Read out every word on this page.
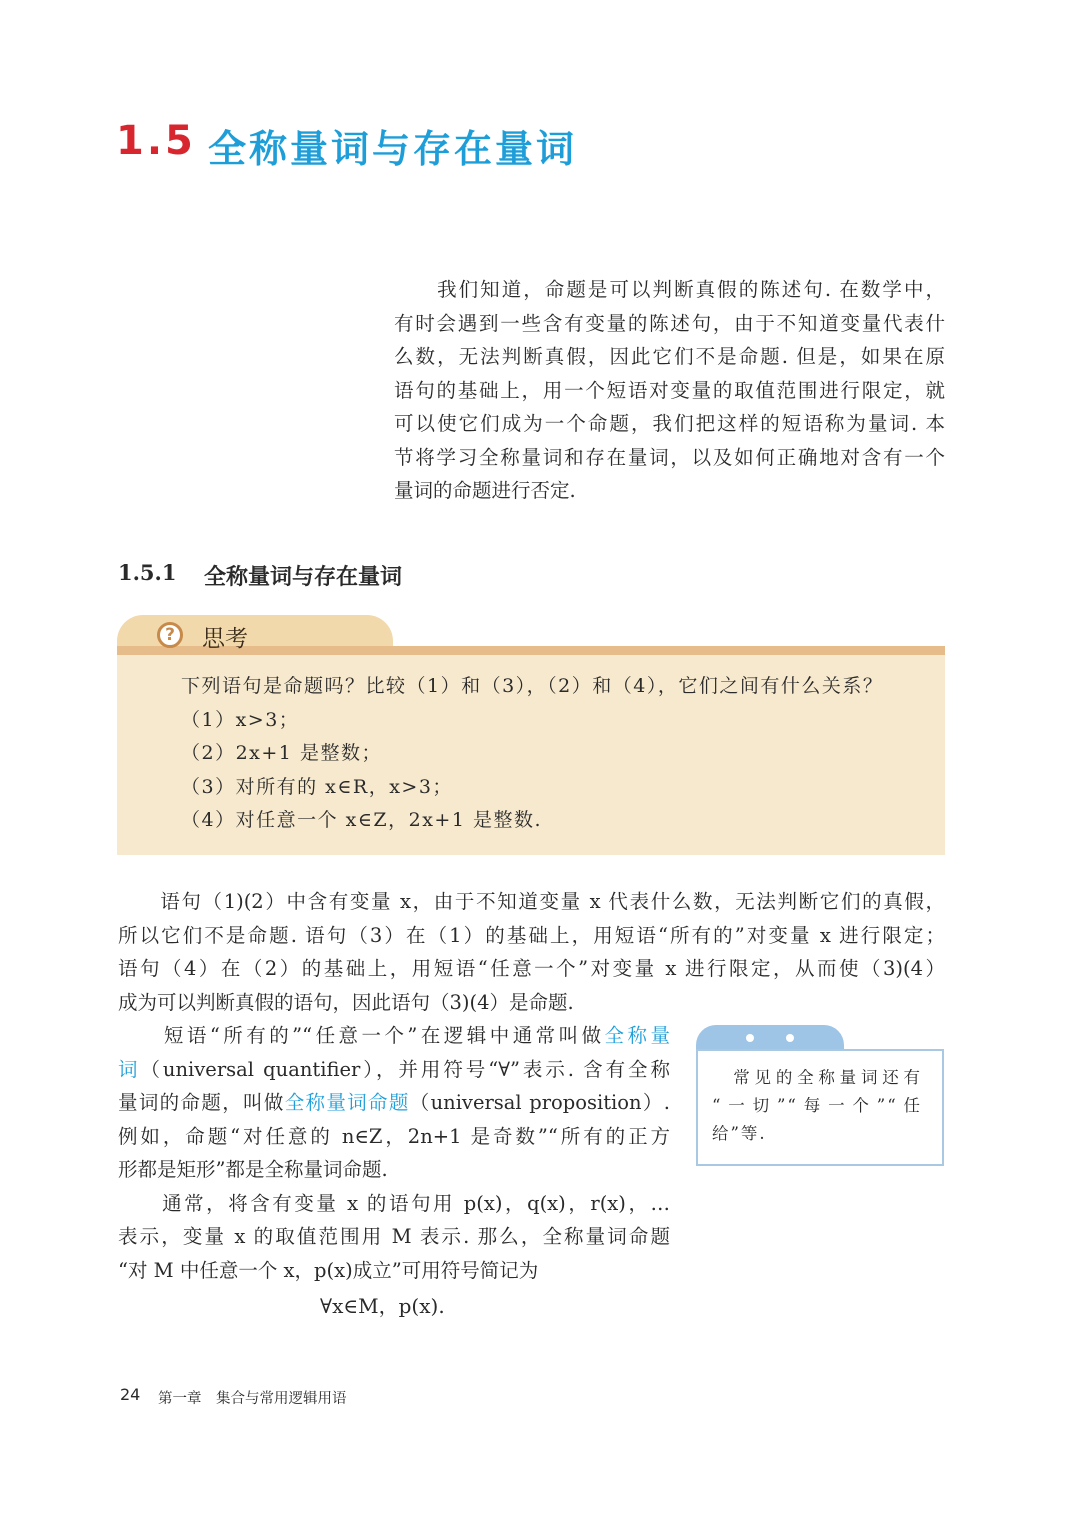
1.5 全称量词与存在量词
　　我们知道，命题是可以判断真假的陈述句. 在数学中，
有时会遇到一些含有变量的陈述句，由于不知道变量代表什
么数，无法判断真假，因此它们不是命题. 但是，如果在原
语句的基础上，用一个短语对变量的取值范围进行限定，就
可以使它们成为一个命题，我们把这样的短语称为量词. 本
节将学习全称量词和存在量词，以及如何正确地对含有一个
量词的命题进行否定.
1.5.1 全称量词与存在量词
?	思考
下列语句是命题吗？比较（1）和（3），（2）和（4），它们之间有什么关系？
（1）x>3；
（2）2x+1 是整数；
（3）对所有的 x∈R，x>3；
（4）对任意一个 x∈Z，2x+1 是整数.
　　语句（1)(2）中含有变量 x，由于不知道变量 x 代表什么数，无法判断它们的真假，
所以它们不是命题. 语句（3）在（1）的基础上，用短语“所有的”对变量 x 进行限定；
语句（4）在（2）的基础上，用短语“任意一个”对变量 x 进行限定，从而使（3)(4）
成为可以判断真假的语句，因此语句（3)(4）是命题.
　　短语“所有的”“任意一个”在逻辑中通常叫做全称量
词（universal quantifier），并用符号“∀”表示. 含有全称
量词的命题，叫做全称量词命题（universal proposition）.
例如，命题“对任意的 n∈Z，2n+1 是奇数”“所有的正方
形都是矩形”都是全称量词命题.
　　通常，将含有变量 x 的语句用 p(x)，q(x)，r(x)，…
表示，变量 x 的取值范围用 M 表示. 那么，全称量词命题
“对 M 中任意一个 x，p(x)成立”可用符号简记为
∀x∈M，p(x).
　常见的全称量词还有
“一切”“每一个”“任
给”等.
24 第一章　集合与常用逻辑用语
